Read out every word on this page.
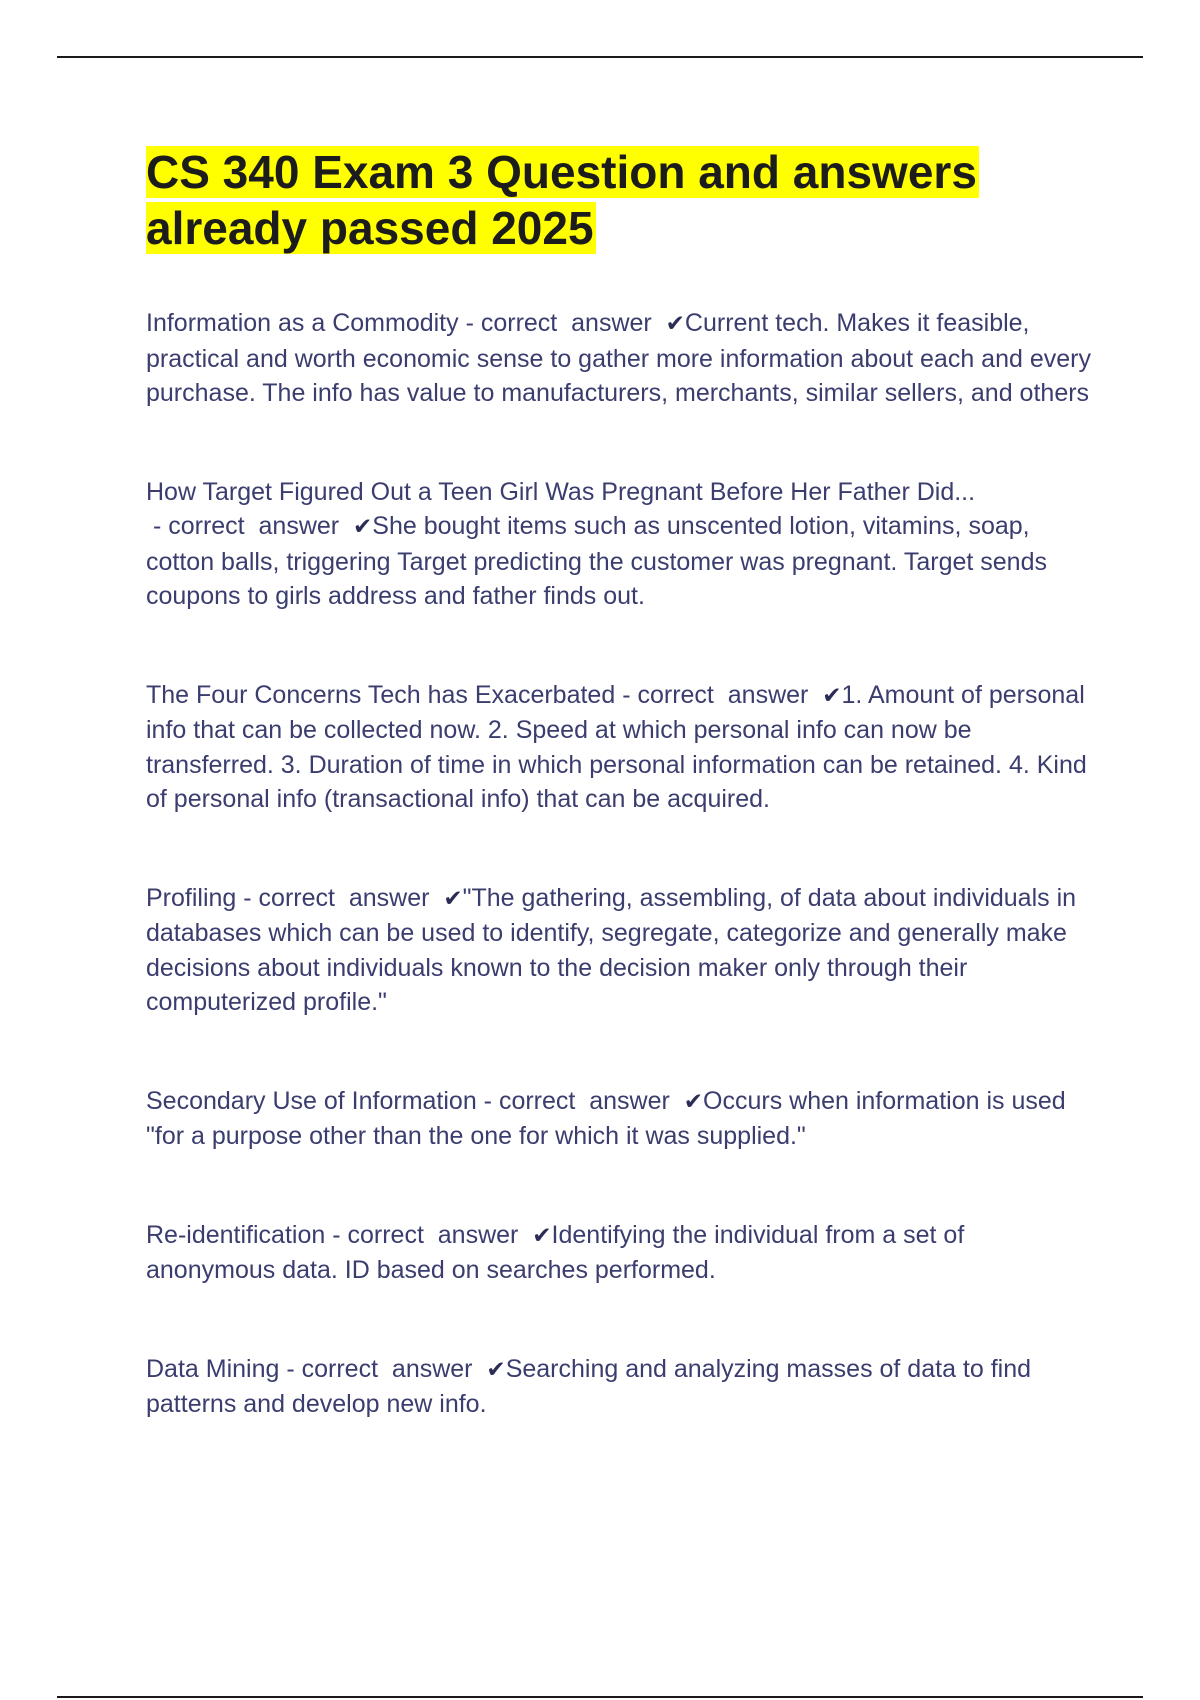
CS 340 Exam 3 Question and answers already passed 2025

Information as a Commodity - correct  answer  ✔Current tech. Makes it feasible, practical and worth economic sense to gather more information about each and every purchase. The info has value to manufacturers, merchants, similar sellers, and others

How Target Figured Out a Teen Girl Was Pregnant Before Her Father Did... - correct  answer  ✔She bought items such as unscented lotion, vitamins, soap, cotton balls, triggering Target predicting the customer was pregnant. Target sends coupons to girls address and father finds out.

The Four Concerns Tech has Exacerbated - correct  answer  ✔1. Amount of personal info that can be collected now. 2. Speed at which personal info can now be transferred. 3. Duration of time in which personal information can be retained. 4. Kind of personal info (transactional info) that can be acquired.

Profiling - correct  answer  ✔"The gathering, assembling, of data about individuals in databases which can be used to identify, segregate, categorize and generally make decisions about individuals known to the decision maker only through their computerized profile."

Secondary Use of Information - correct  answer  ✔Occurs when information is used "for a purpose other than the one for which it was supplied."

Re-identification - correct  answer  ✔Identifying the individual from a set of anonymous data. ID based on searches performed.

Data Mining - correct  answer  ✔Searching and analyzing masses of data to find patterns and develop new info.
